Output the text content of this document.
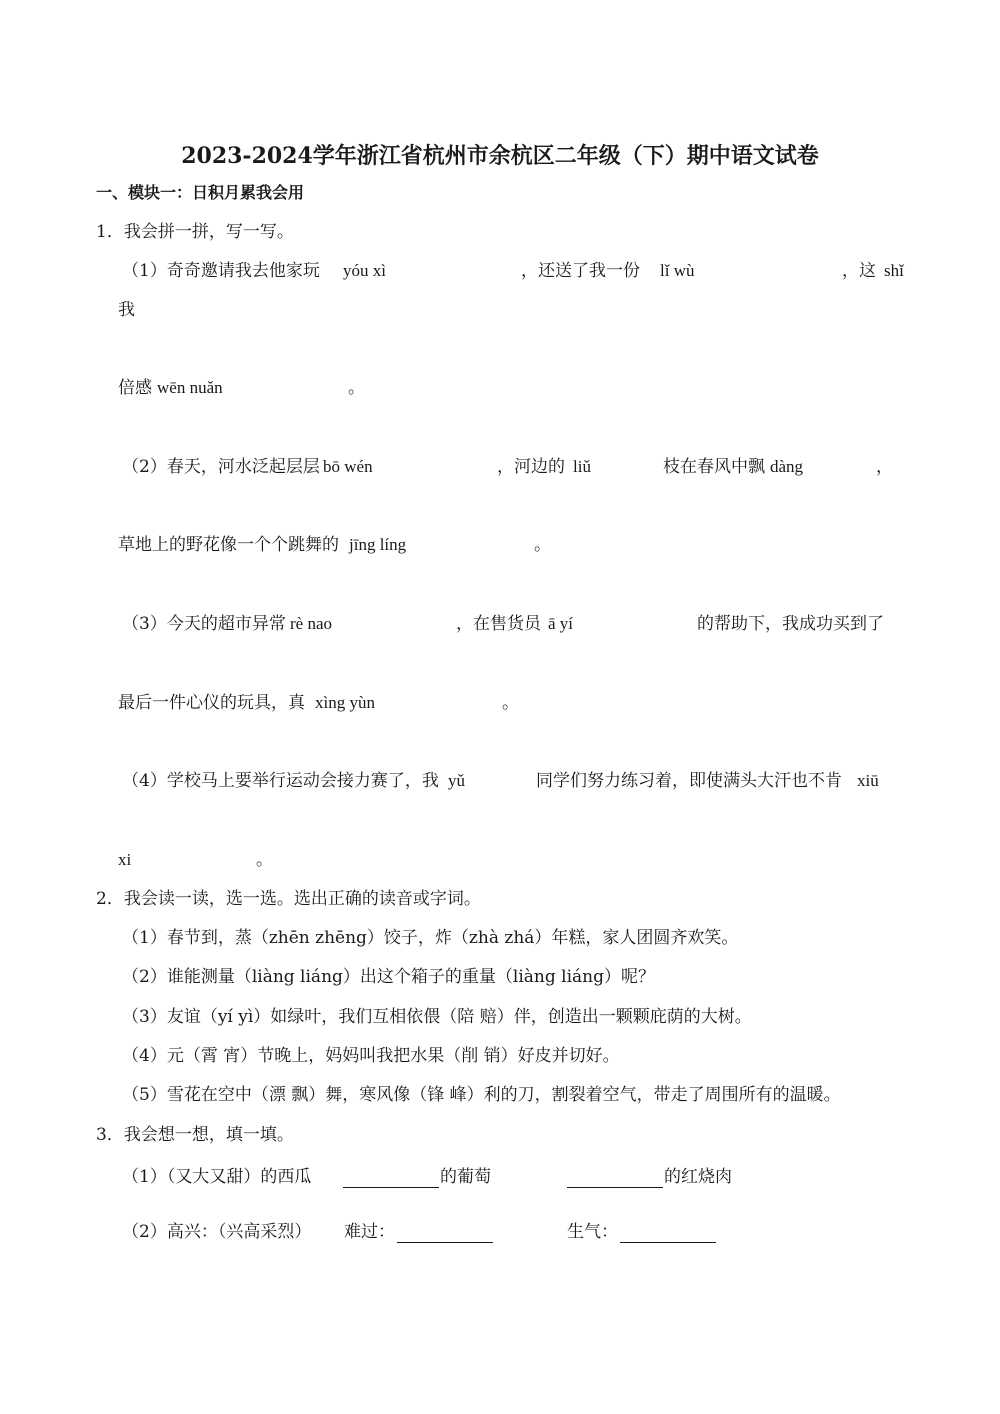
2023-2024学年浙江省杭州市余杭区二年级（下）期中语文试卷
一、模块一：日积月累我会用
1．我会拼一拼，写一写。
（1）奇奇邀请我去他家玩 yóu xì	，还送了我一份 lǐ wù	，这 shǐ
我
倍感 wēn nuǎn	。
（2）春天，河水泛起层层 bō wén	，河边的 liǔ	枝在春风中飘 dàng	，
草地上的野花像一个个跳舞的 jīng líng	。
（3）今天的超市异常 rè nao	，在售货员 ā yí	的帮助下，我成功买到了
最后一件心仪的玩具，真 xìng yùn	。
（4）学校马上要举行运动会接力赛了，我 yǔ	同学们努力练习着，即使满头大汗也不肯 xiū
xi	。
2．我会读一读，选一选。选出正确的读音或字词。
（1）春节到，蒸（zhēn zhēng）饺子，炸（zhà zhá）年糕，家人团圆齐欢笑。
（2）谁能测量（liàng liáng）出这个箱子的重量（liàng liáng）呢？
（3）友谊（yí yì）如绿叶，我们互相依偎（陪 赔）伴，创造出一颗颗庇荫的大树。
（4）元（霄 宵）节晚上，妈妈叫我把水果（削 销）好皮并切好。
（5）雪花在空中（漂 飘）舞，寒风像（锋 峰）利的刀，割裂着空气，带走了周围所有的温暖。
3．我会想一想，填一填。
（1）（又大又甜）的西瓜	的葡萄	的红烧肉
（2）高兴：（兴高采烈） 难过：	生气：
